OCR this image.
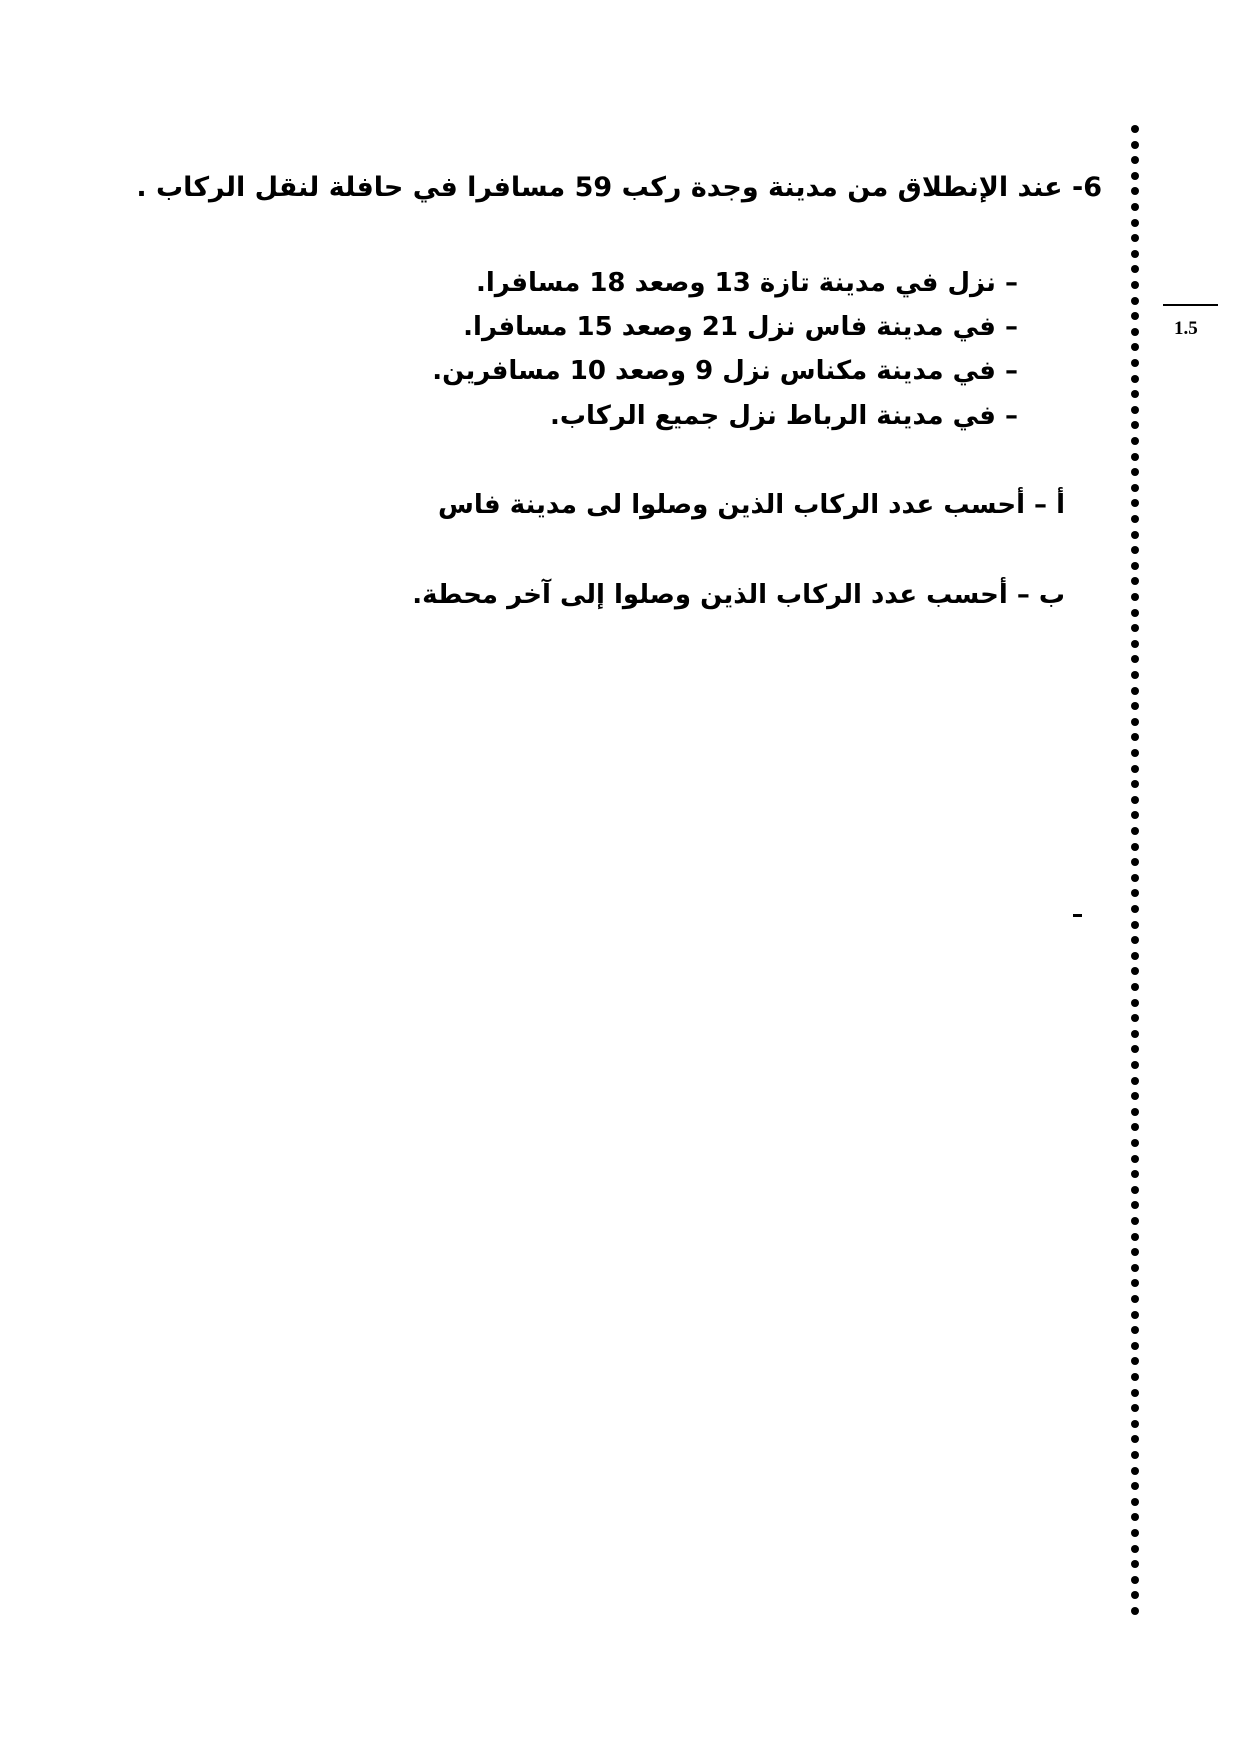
6- عند الإنطلاق من مدينة وجدة ركب 59 مسافرا في حافلة لنقل الركاب .
– نزل في مدينة تازة 13 وصعد 18 مسافرا.
– في مدينة فاس نزل 21 وصعد 15 مسافرا.
– في مدينة مكناس نزل 9 وصعد 10 مسافرين.
– في مدينة الرباط نزل جميع الركاب.
أ – أحسب عدد الركاب الذين وصلوا لى مدينة فاس
ب – أحسب عدد الركاب الذين وصلوا إلى آخر محطة.
1.5
